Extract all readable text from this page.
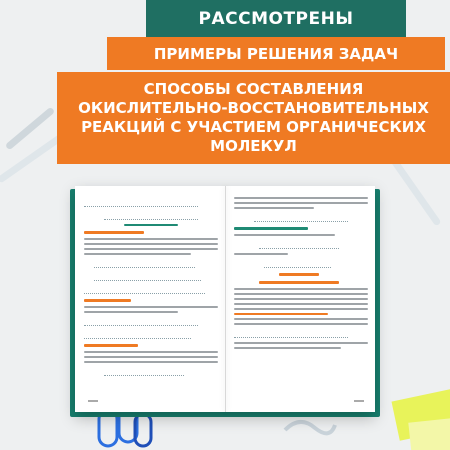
РАССМОТРЕНЫ
ПРИМЕРЫ РЕШЕНИЯ ЗАДАЧ
СПОСОБЫ СОСТАВЛЕНИЯ ОКИСЛИТЕЛЬНО-ВОССТАНОВИТЕЛЬНЫХ РЕАКЦИЙ С УЧАСТИЕМ ОРГАНИЧЕСКИХ МОЛЕКУЛ
